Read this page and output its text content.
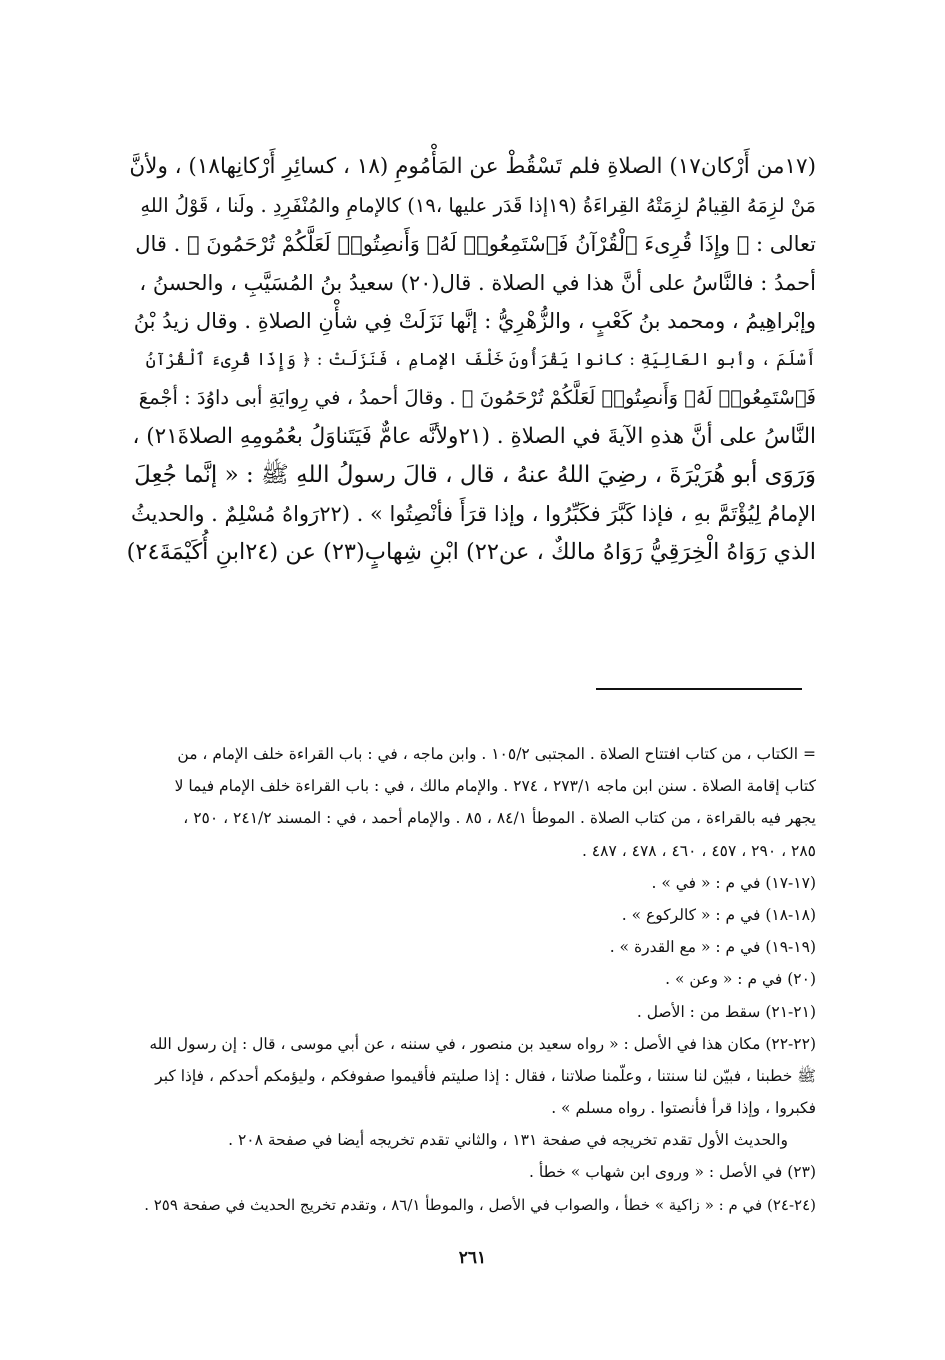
(١٧من أَرْكان١٧) الصلاةِ فلم تَسْقُطْ عن المَأْمُومِ (١٨ ، كسائِرِ أَرْكانِها١٨) ، ولأنَّ
مَنْ لزِمَهُ القِيامُ لزِمَتْهُ القِراءَةُ (١٩إذا قَدَر عليها ،١٩) كالإمامِ والمُنْفَرِدِ . ولَنا ، قَوْلُ اللهِ
تعالى : ﴿ وإِذَا قُرِىءَ ٱلْقُرْآنُ فَٱسْتَمِعُوا۟ لَهُۥ وَأَنصِتُوا۟ لَعَلَّكُمْ تُرْحَمُونَ ﴾ . قال
أحمدُ : فالنَّاسُ على أنَّ هذا في الصلاة . قال(٢٠) سعيدُ بنُ المُسَيَّبِ ، والحسنُ ،
وإبْراهِيمُ ، ومحمد بنُ كَعْبٍ ، والزُّهْرِيُّ : إنَّها نَزَلَتْ فِي شأْنِ الصلاةِ . وقال زيدُ بْنُ
أَسْلَمَ ، وأبو العَالِيَةِ : كانوا يَقْرَأُونَ خَلْفَ الإمامِ ، فَنَزَلَتْ : ﴿ وَإِذَا قُرِىءَ ٱلْقُرْآنُ
فَٱسْتَمِعُوا۟ لَهُۥ وَأَنصِتُوا۟ لَعَلَّكُمْ تُرْحَمُونَ ﴾ . وقالَ أحمدُ ، في رِوايَةِ أبى داوُدَ : أجْمعَ
النَّاسُ على أنَّ هذهِ الآيةَ في الصلاةِ . (٢١ولأنَّه عامٌّ فَيَتَناوَلُ بعُمُومِهِ الصلاةَ٢١) ،
وَرَوَى أبو هُرَيْرَةَ ، رضِيَ اللهُ عنهُ ، قال ، قالَ رسولُ اللهِ ﷺ : « إنَّما جُعِلَ
الإمامُ لِيُؤْتَمَّ بهِ ، فإذا كَبَّرَ فكَبِّرُوا ، وإذا قرَأَ فأنْصِتُوا » . (٢٢رَواهُ مُسْلِمٌ . والحديثُ
الذي رَوَاهُ الْخِرَقِيُّ رَوَاهُ مالكٌ ، عن٢٢) ابْنِ شِهابٍ(٢٣) عن (٢٤ابنِ أُكَيْمَةَ٢٤)
= الكتاب ، من كتاب افتتاح الصلاة . المجتبى ١٠٥/٢ . وابن ماجه ، في : باب القراءة خلف الإمام ، من
كتاب إقامة الصلاة . سنن ابن ماجه ٢٧٣/١ ، ٢٧٤ . والإمام مالك ، في : باب القراءة خلف الإمام فيما لا
يجهر فيه بالقراءة ، من كتاب الصلاة . الموطأ ٨٤/١ ، ٨٥ . والإمام أحمد ، في : المسند ٢٤١/٢ ، ٢٥٠ ،
٢٨٥ ، ٢٩٠ ، ٤٥٧ ، ٤٦٠ ، ٤٧٨ ، ٤٨٧ .
(١٧-١٧) في م : « في » .
(١٨-١٨) في م : « كالركوع » .
(١٩-١٩) في م : « مع القدرة » .
(٢٠) في م : « وعن » .
(٢١-٢١) سقط من : الأصل .
(٢٢-٢٢) مكان هذا في الأصل : « رواه سعيد بن منصور ، في سننه ، عن أبي موسى ، قال : إن رسول الله
ﷺ خطبنا ، فبيّن لنا سنتنا ، وعلّمنا صلاتنا ، فقال : إذا صليتم فأقيموا صفوفكم ، وليؤمكم أحدكم ، فإذا كبر
فكبروا ، وإذا قرأ فأنصتوا . رواه مسلم » .
والحديث الأول تقدم تخريجه في صفحة ١٣١ ، والثاني تقدم تخريجه أيضا في صفحة ٢٠٨ .
(٢٣) في الأصل : « وروى ابن شهاب » خطأ .
(٢٤-٢٤) في م : « زاكية » خطأ ، والصواب في الأصل ، والموطأ ٨٦/١ ، وتقدم تخريج الحديث في صفحة ٢٥٩ .
٢٦١
